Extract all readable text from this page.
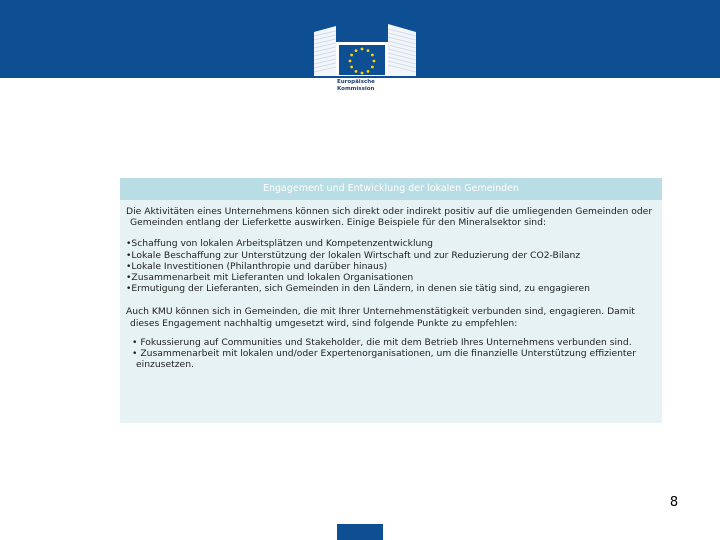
Europäische
Kommission
Engagement und Entwicklung der lokalen Gemeinden

Die Aktivitäten eines Unternehmens können sich direkt oder indirekt positiv auf die umliegenden Gemeinden oder Gemeinden entlang der Lieferkette auswirken. Einige Beispiele für den Mineralsektor sind:

•Schaffung von lokalen Arbeitsplätzen und Kompetenzentwicklung
•Lokale Beschaffung zur Unterstützung der lokalen Wirtschaft und zur Reduzierung der CO2-Bilanz
•Lokale Investitionen (Philanthropie und darüber hinaus)
•Zusammenarbeit mit Lieferanten und lokalen Organisationen
•Ermutigung der Lieferanten, sich Gemeinden in den Ländern, in denen sie tätig sind, zu engagieren

Auch KMU können sich in Gemeinden, die mit Ihrer Unternehmenstätigkeit verbunden sind, engagieren. Damit dieses Engagement nachhaltig umgesetzt wird, sind folgende Punkte zu empfehlen:

• Fokussierung auf Communities und Stakeholder, die mit dem Betrieb Ihres Unternehmens verbunden sind.
• Zusammenarbeit mit lokalen und/oder Expertenorganisationen, um die finanzielle Unterstützung effizienter einzusetzen.
8
